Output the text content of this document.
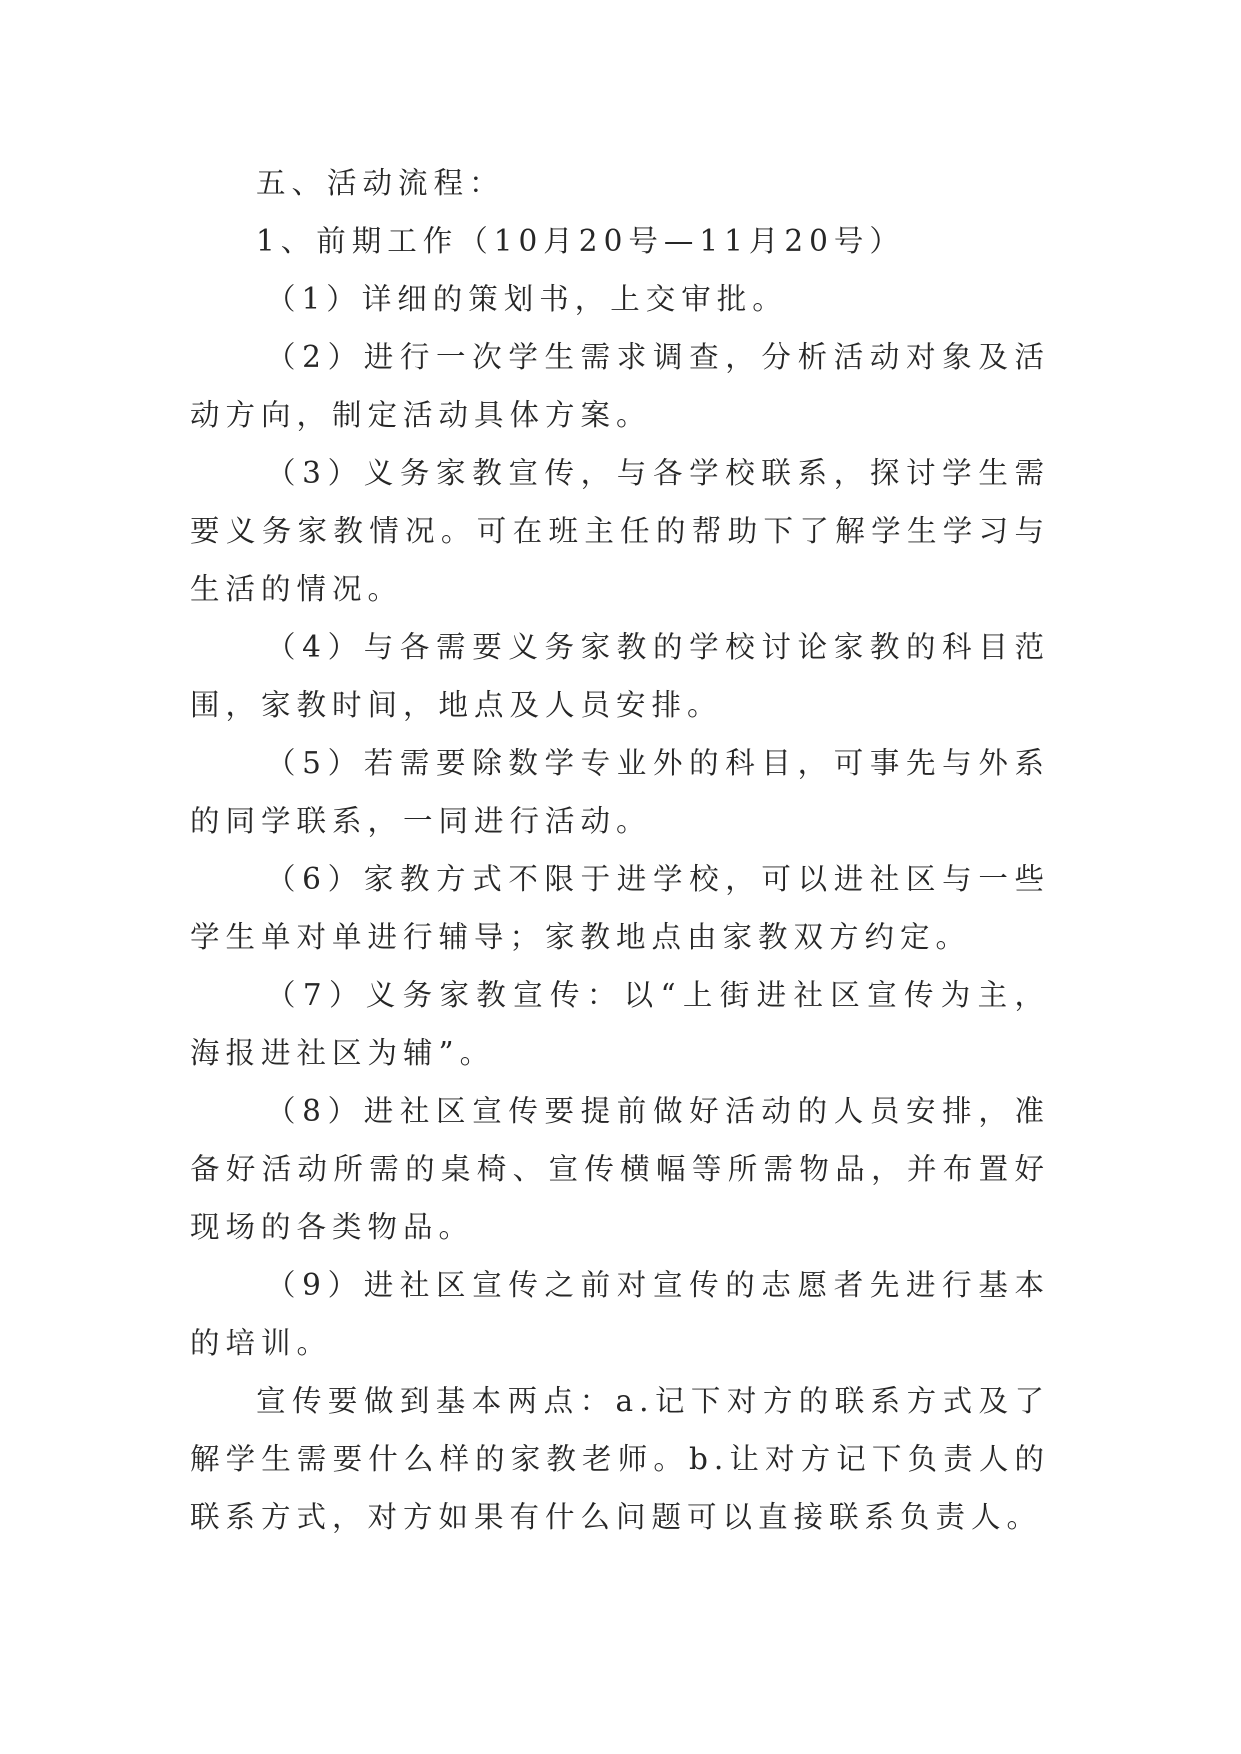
五、活动流程：

1、前期工作（10月20号—11月20号）

（1）详细的策划书，上交审批。

（2）进行一次学生需求调查，分析活动对象及活动方向，制定活动具体方案。

（3）义务家教宣传，与各学校联系，探讨学生需要义务家教情况。可在班主任的帮助下了解学生学习与生活的情况。

（4）与各需要义务家教的学校讨论家教的科目范围，家教时间，地点及人员安排。

（5）若需要除数学专业外的科目，可事先与外系的同学联系，一同进行活动。

（6）家教方式不限于进学校，可以进社区与一些学生单对单进行辅导；家教地点由家教双方约定。

（7）义务家教宣传：以“上街进社区宣传为主，海报进社区为辅”。

（8）进社区宣传要提前做好活动的人员安排，准备好活动所需的桌椅、宣传横幅等所需物品，并布置好现场的各类物品。

（9）进社区宣传之前对宣传的志愿者先进行基本的培训。

宣传要做到基本两点：a.记下对方的联系方式及了解学生需要什么样的家教老师。b.让对方记下负责人的联系方式，对方如果有什么问题可以直接联系负责人。
